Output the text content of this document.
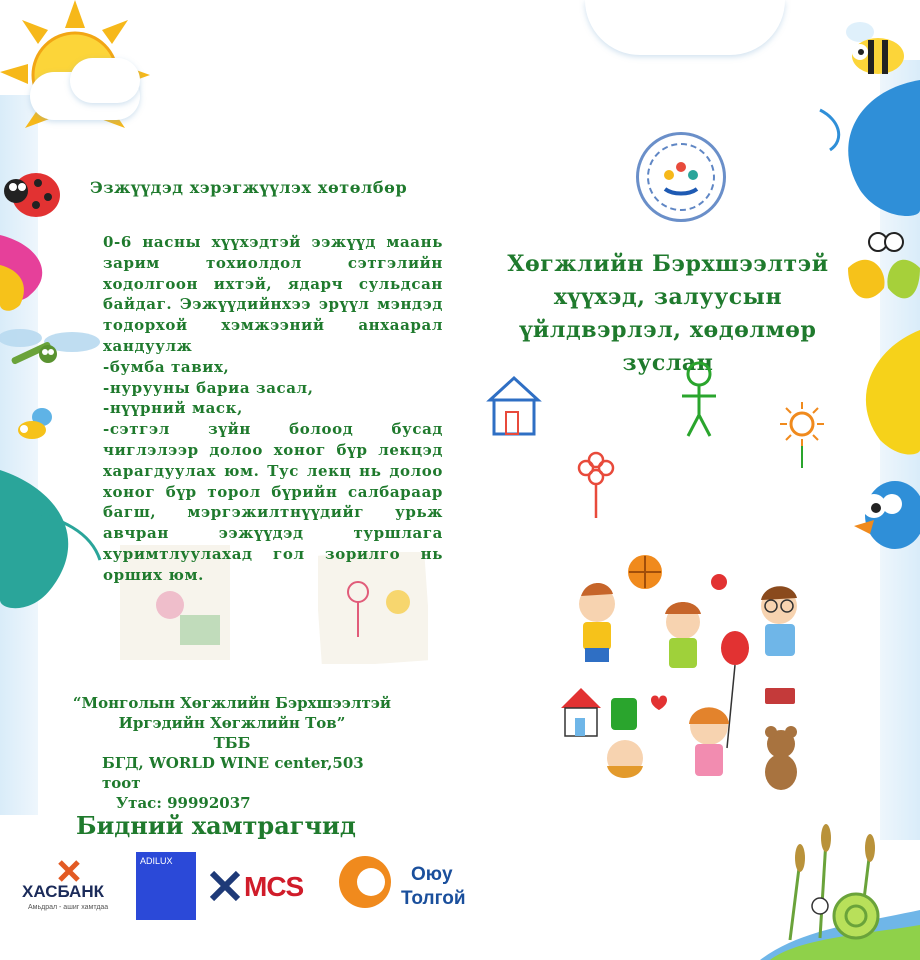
Эзжүүдэд хэрэгжүүлэх хөтөлбөр

0-6 насны хүүхэдтэй ээжүүд маань зарим тохиолдол сэтгэлийн ходолгоон ихтэй, ядарч сульдсан байдаг. Ээжүүдийнхээ эрүүл мэндэд тодорхой хэмжээний анхаарал хандуулж

-бумба тавих,

-нурууны бариа засал,

-нүүрний маск,

-сэтгэл зүйн болоод бусад чиглэлээр долоо хоног бүр лекцэд харагдуулах юм. Тус лекц нь долоо хоног бүр торол бүрийн салбараар багш, мэргэжилтнүүдийг урьж авчран ээжүүдэд туршлага хуримтлуулахад гол зорилго нь орших юм.

“Монголын Хөгжлийн Бэрхшээлтэй
Иргэдийн Хөгжлийн Тов”
ТББ
БГД, WORLD WINE center,503 тоот
Утас: 99992037
Бидний хамтрагчид
ХАСБАНК
Амьдрал - ашиг хамтдаа
ADILUX
MCS	Оюу
Толгой
Хөгжлийн Бэрхшээлтэй
хүүхэд, залуусын
үйлдвэрлэл, хөдөлмөр
зуслан
